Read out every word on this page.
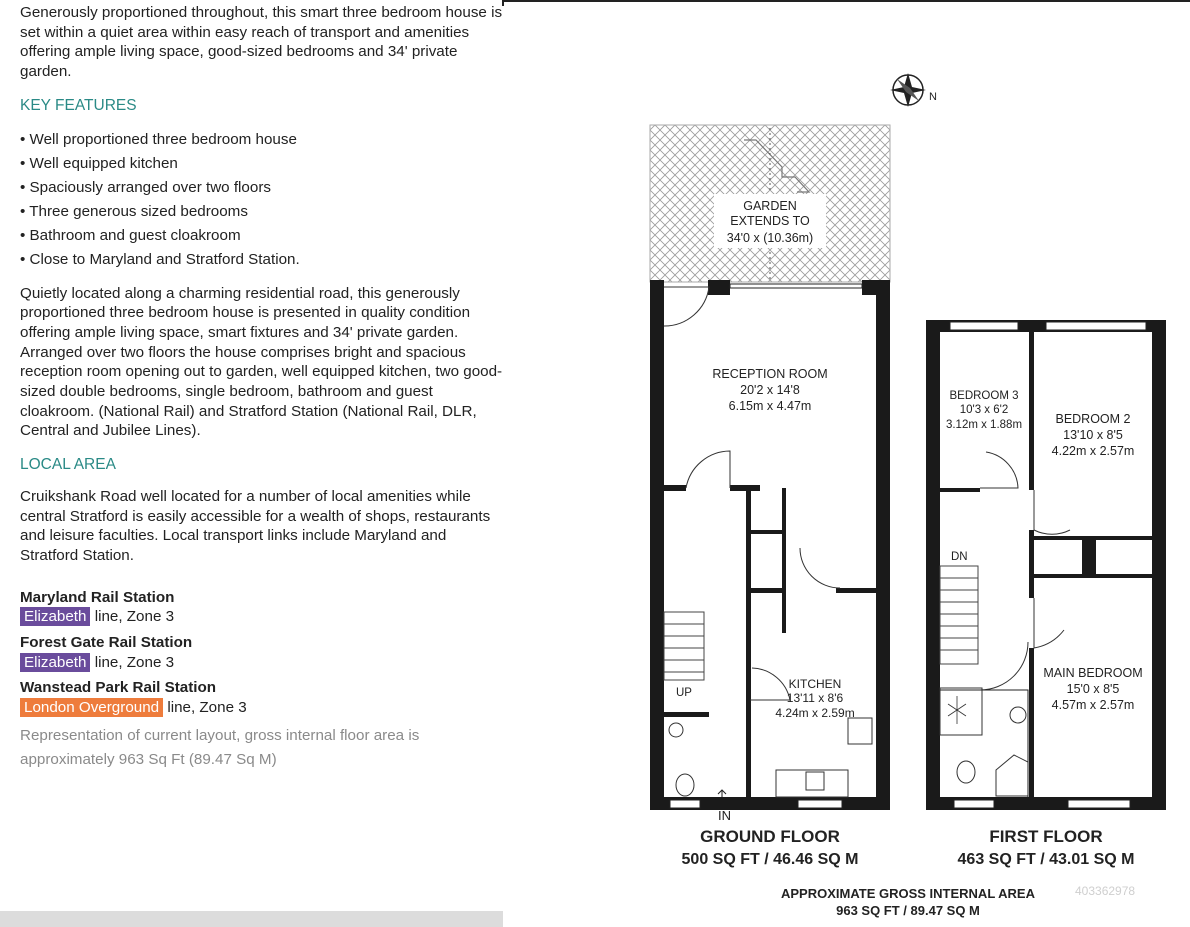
Generously proportioned throughout, this smart three bedroom house is set within a quiet area within easy reach of transport and amenities offering ample living space, good-sized bedrooms and 34' private garden.

KEY FEATURES
• Well proportioned three bedroom house
• Well equipped kitchen
• Spaciously arranged over two floors
• Three generous sized bedrooms
• Bathroom and guest cloakroom
• Close to Maryland and Stratford Station.

Quietly located along a charming residential road, this generously proportioned three bedroom house is presented in quality condition offering ample living space, smart fixtures and 34' private garden. Arranged over two floors the house comprises bright and spacious reception room opening out to garden, well equipped kitchen, two good-sized double bedrooms, single bedroom, bathroom and guest cloakroom. (National Rail) and Stratford Station (National Rail, DLR, Central and Jubilee Lines).

LOCAL AREA

Cruikshank Road well located for a number of local amenities while central Stratford is easily accessible for a wealth of shops, restaurants and leisure faculties. Local transport links include Maryland and Stratford Station.

Maryland Rail Station
Elizabeth line, Zone 3
Forest Gate Rail Station
Elizabeth line, Zone 3
Wanstead Park Rail Station
London Overground line, Zone 3
Representation of current layout, gross internal floor area is approximately 963 Sq Ft (89.47 Sq M)
N
GARDEN
EXTENDS TO
34'0 x (10.36m)
UP
RECEPTION ROOM
20'2 x 14'8
6.15m x 4.47m
KITCHEN
13'11 x 8'6
4.24m x 2.59m
IN
DN
BEDROOM 3
10'3 x 6'2
3.12m x 1.88m	BEDROOM 2
13'10 x 8'5
4.22m x 2.57m
MAIN BEDROOM
15'0 x 8'5
4.57m x 2.57m
GROUND FLOOR
500 SQ FT / 46.46 SQ M
FIRST FLOOR
463 SQ FT / 43.01 SQ M
APPROXIMATE GROSS INTERNAL AREA
963 SQ FT / 89.47 SQ M
403362978
